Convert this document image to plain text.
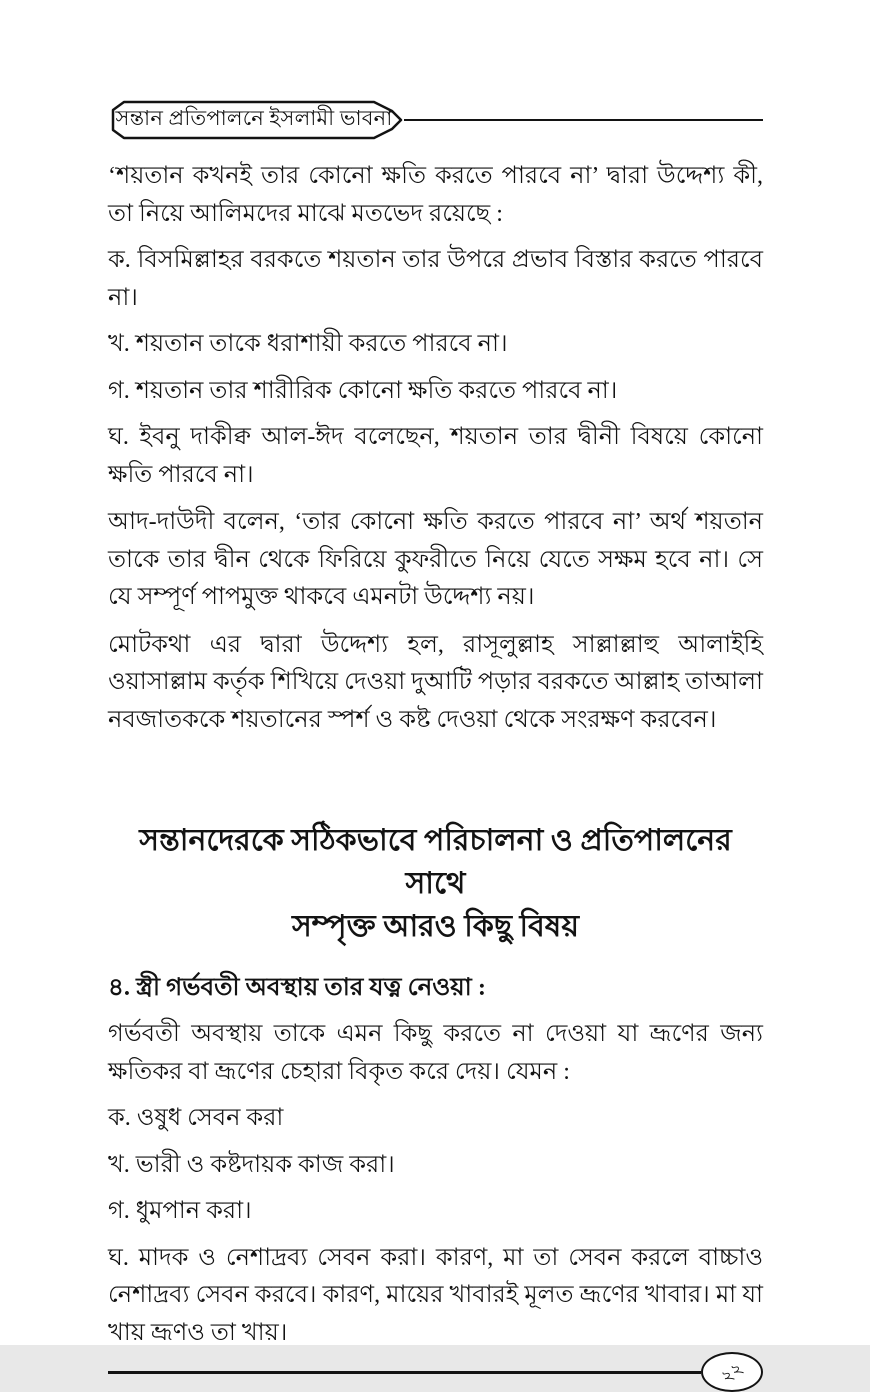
সন্তান প্রতিপালনে ইসলামী ভাবনা

‘শয়তান কখনই তার কোনো ক্ষতি করতে পারবে না’ দ্বারা উদ্দেশ্য কী, তা নিয়ে আলিমদের মাঝে মতভেদ রয়েছে :

ক. বিসমিল্লাহর বরকতে শয়তান তার উপরে প্রভাব বিস্তার করতে পারবে না।

খ. শয়তান তাকে ধরাশায়ী করতে পারবে না।

গ. শয়তান তার শারীরিক কোনো ক্ষতি করতে পারবে না।

ঘ. ইবনু দাকীক্ব আল-ঈদ বলেছেন, শয়তান তার দ্বীনী বিষয়ে কোনো ক্ষতি পারবে না।

আদ-দাউদী বলেন, ‘তার কোনো ক্ষতি করতে পারবে না’ অর্থ শয়তান তাকে তার দ্বীন থেকে ফিরিয়ে কুফরীতে নিয়ে যেতে সক্ষম হবে না। সে যে সম্পূর্ণ পাপমুক্ত থাকবে এমনটা উদ্দেশ্য নয়।

মোটকথা এর দ্বারা উদ্দেশ্য হল, রাসূলুল্লাহ সাল্লাল্লাহু আলাইহি ওয়াসাল্লাম কর্তৃক শিখিয়ে দেওয়া দুআটি পড়ার বরকতে আল্লাহ তাআলা নবজাতককে শয়তানের স্পর্শ ও কষ্ট দেওয়া থেকে সংরক্ষণ করবেন।

সন্তানদেরকে সঠিকভাবে পরিচালনা ও প্রতিপালনের সাথে
সম্পৃক্ত আরও কিছু বিষয়
৪. স্ত্রী গর্ভবতী অবস্থায় তার যত্ন নেওয়া :

গর্ভবতী অবস্থায় তাকে এমন কিছু করতে না দেওয়া যা ভ্রূণের জন্য ক্ষতিকর বা ভ্রূণের চেহারা বিকৃত করে দেয়। যেমন :

ক. ওষুধ সেবন করা

খ. ভারী ও কষ্টদায়ক কাজ করা।

গ. ধুমপান করা।

ঘ. মাদক ও নেশাদ্রব্য সেবন করা। কারণ, মা তা সেবন করলে বাচ্চাও নেশাদ্রব্য সেবন করবে। কারণ, মায়ের খাবারই মূলত ভ্রূণের খাবার। মা যা খায় ভ্রূণও তা খায়।

২২
